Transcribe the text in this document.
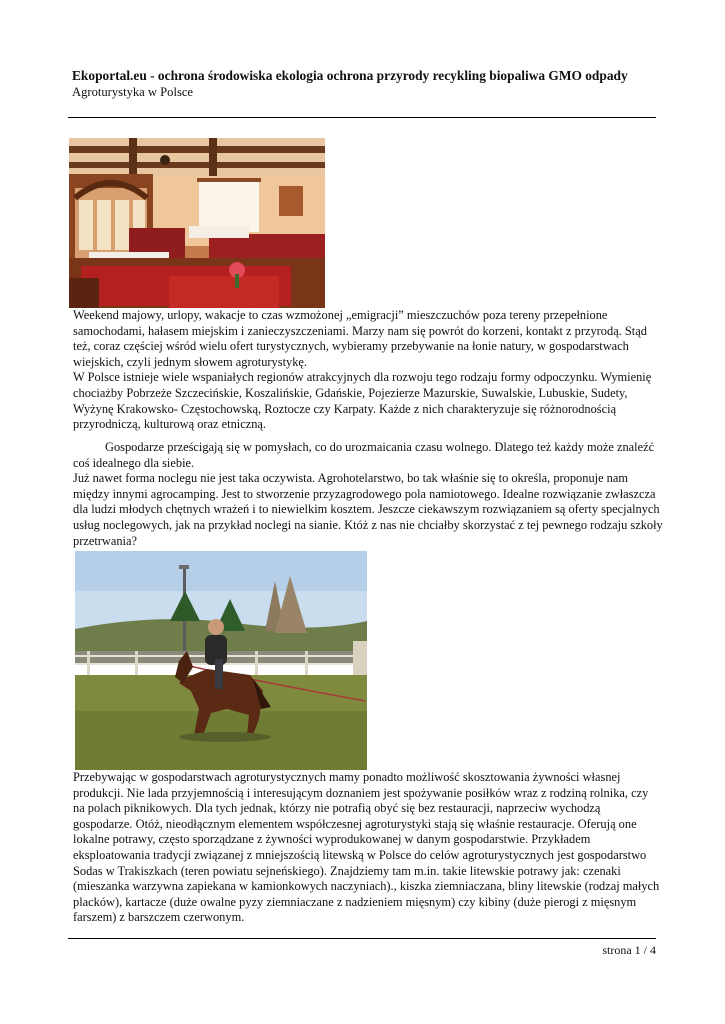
Ekoportal.eu - ochrona środowiska ekologia ochrona przyrody recykling biopaliwa GMO odpady
Agroturystyka w Polsce

Weekend majowy, urlopy, wakacje to czas wzmożonej „emigracji” mieszczuchów poza tereny przepełnione samochodami, hałasem miejskim i zanieczyszczeniami. Marzy nam się powrót do korzeni, kontakt z przyrodą. Stąd też, coraz częściej wśród wielu ofert turystycznych, wybieramy przebywanie na łonie natury, w gospodarstwach wiejskich, czyli jednym słowem agroturystykę.

W Polsce istnieje wiele wspaniałych regionów atrakcyjnych dla rozwoju tego rodzaju formy odpoczynku. Wymienię chociażby Pobrzeże Szczecińskie, Koszalińskie, Gdańskie, Pojezierze Mazurskie, Suwalskie, Lubuskie, Sudety, Wyżynę Krakowsko- Częstochowską, Roztocze czy Karpaty. Każde z nich charakteryzuje się różnorodnością przyrodniczą, kulturową oraz etniczną.

Gospodarze prześcigają się w pomysłach, co do urozmaicania czasu wolnego. Dlatego też każdy może znaleźć coś idealnego dla siebie.

Już nawet forma noclegu nie jest taka oczywista. Agrohotelarstwo, bo tak właśnie się to określa, proponuje nam między innymi agrocamping. Jest to stworzenie przyzagrodowego pola namiotowego. Idealne rozwiązanie zwłaszcza dla ludzi młodych chętnych wrażeń i to niewielkim kosztem. Jeszcze ciekawszym rozwiązaniem są oferty specjalnych usług noclegowych, jak na przykład noclegi na sianie. Któż z nas nie chciałby skorzystać z tej pewnego rodzaju szkoły przetrwania?

Przebywając w gospodarstwach agroturystycznych mamy ponadto możliwość skosztowania żywności własnej produkcji. Nie lada przyjemnością i interesującym doznaniem jest spożywanie posiłków wraz z rodziną rolnika, czy na polach piknikowych. Dla tych jednak, którzy nie potrafią obyć się bez restauracji, naprzeciw wychodzą gospodarze. Otóż, nieodłącznym elementem współczesnej agroturystyki stają się właśnie restauracje. Oferują one lokalne potrawy, często sporządzane z żywności wyprodukowanej w danym gospodarstwie. Przykładem eksploatowania tradycji związanej z mniejszością litewską w Polsce do celów agroturystycznych jest gospodarstwo Sodas w Trakiszkach (teren powiatu sejneńskiego). Znajdziemy tam m.in. takie litewskie potrawy jak: czenaki (mieszanka warzywna zapiekana w kamionkowych naczyniach)., kiszka ziemniaczana, bliny litewskie (rodzaj małych placków), kartacze (duże owalne pyzy ziemniaczane z nadzieniem mięsnym) czy kibiny (duże pierogi z mięsnym farszem) z barszczem czerwonym.

strona 1 / 4
